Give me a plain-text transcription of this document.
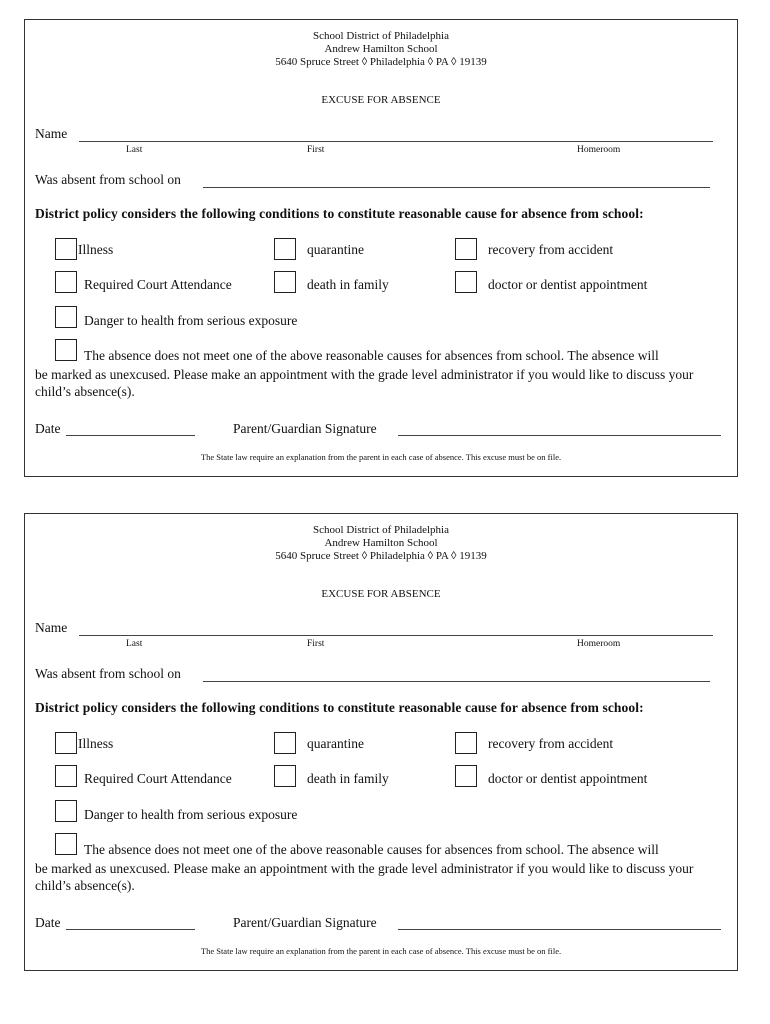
School District of Philadelphia
Andrew Hamilton School
5640 Spruce Street ◊ Philadelphia ◊ PA ◊ 19139
EXCUSE FOR ABSENCE
Name
Last	First	Homeroom
Was absent from school on
District policy considers the following conditions to constitute reasonable cause for absence from school:
Illness	quarantine	recovery from accident
Required Court Attendance	death in family	doctor or dentist appointment
Danger to health from serious exposure
The absence does not meet one of the above reasonable causes for absences from school. The absence will
be marked as unexcused. Please make an appointment with the grade level administrator if you would like to discuss your child’s absence(s).
Date	Parent/Guardian Signature
The State law require an explanation from the parent in each case of absence. This excuse must be on file.
School District of Philadelphia
Andrew Hamilton School
5640 Spruce Street ◊ Philadelphia ◊ PA ◊ 19139
EXCUSE FOR ABSENCE
Name
Last	First	Homeroom
Was absent from school on
District policy considers the following conditions to constitute reasonable cause for absence from school:
Illness	quarantine	recovery from accident
Required Court Attendance	death in family	doctor or dentist appointment
Danger to health from serious exposure
The absence does not meet one of the above reasonable causes for absences from school. The absence will
be marked as unexcused. Please make an appointment with the grade level administrator if you would like to discuss your child’s absence(s).
Date	Parent/Guardian Signature
The State law require an explanation from the parent in each case of absence. This excuse must be on file.
